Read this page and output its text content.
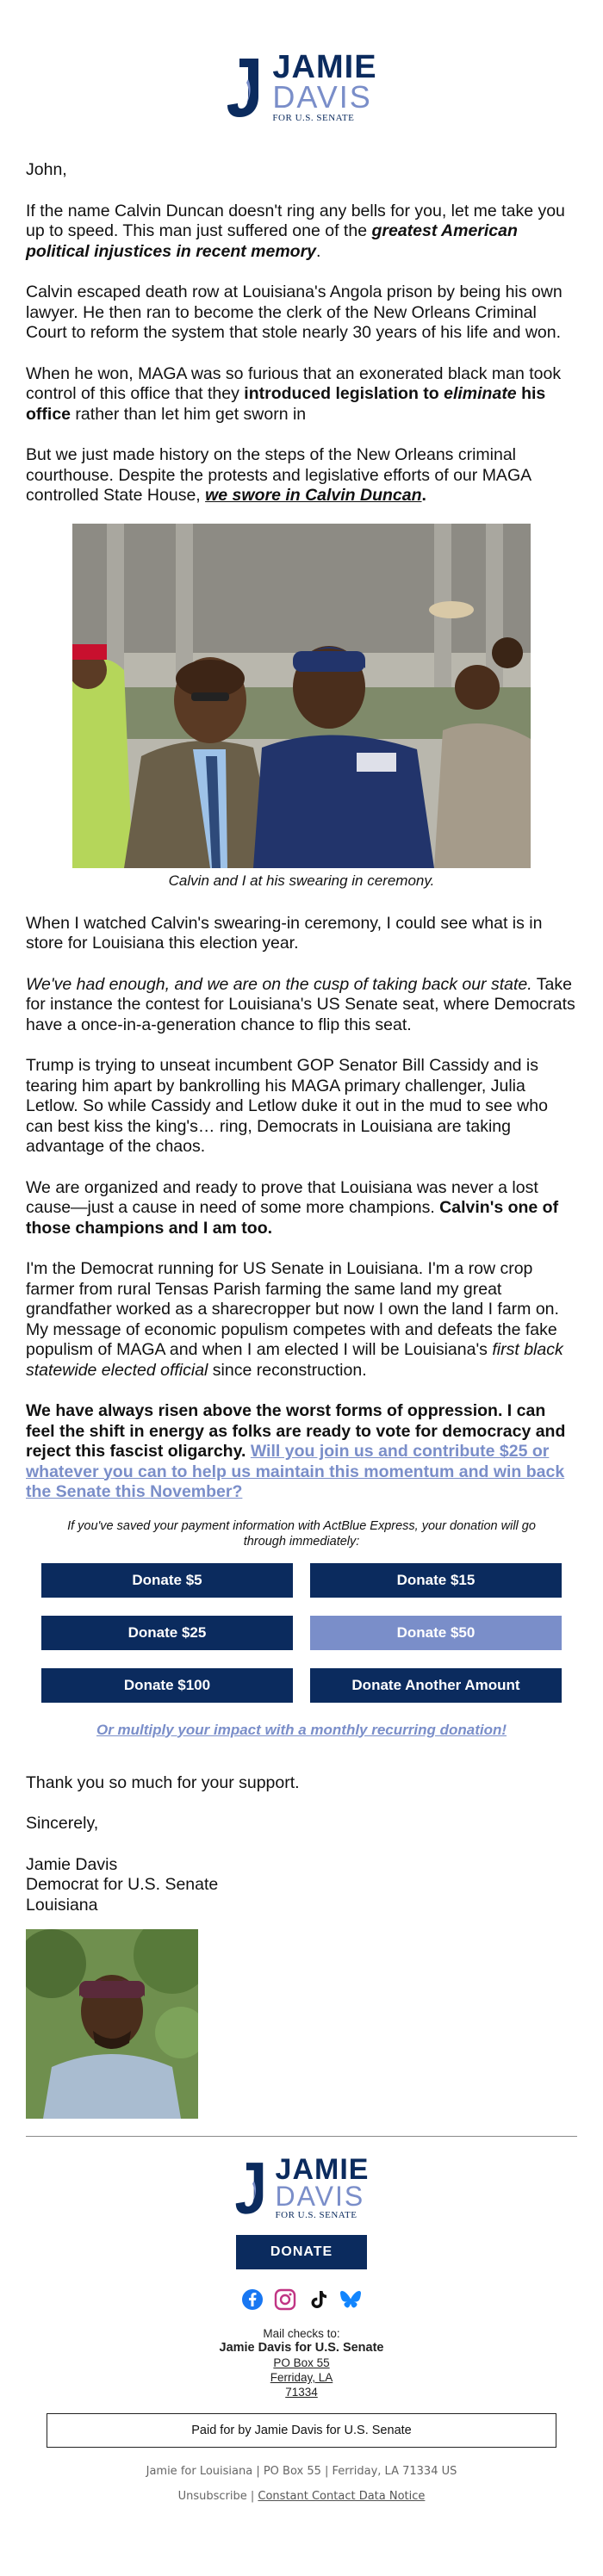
JAMIE
DAVIS
FOR U.S. SENATE

John,

If the name Calvin Duncan doesn't ring any bells for you, let me take you up to speed. This man just suffered one of the greatest American political injustices in recent memory.

Calvin escaped death row at Louisiana's Angola prison by being his own lawyer. He then ran to become the clerk of the New Orleans Criminal Court to reform the system that stole nearly 30 years of his life and won.

When he won, MAGA was so furious that an exonerated black man took control of this office that they introduced legislation to eliminate his office rather than let him get sworn in

But we just made history on the steps of the New Orleans criminal courthouse. Despite the protests and legislative efforts of our MAGA controlled State House, we swore in Calvin Duncan.

Calvin and I at his swearing in ceremony.

When I watched Calvin's swearing-in ceremony, I could see what is in store for Louisiana this election year.

We've had enough, and we are on the cusp of taking back our state. Take for instance the contest for Louisiana's US Senate seat, where Democrats have a once-in-a-generation chance to flip this seat.

Trump is trying to unseat incumbent GOP Senator Bill Cassidy and is tearing him apart by bankrolling his MAGA primary challenger, Julia Letlow. So while Cassidy and Letlow duke it out in the mud to see who can best kiss the king's… ring, Democrats in Louisiana are taking advantage of the chaos.

We are organized and ready to prove that Louisiana was never a lost cause—just a cause in need of some more champions. Calvin's one of those champions and I am too.

I'm the Democrat running for US Senate in Louisiana. I'm a row crop farmer from rural Tensas Parish farming the same land my great grandfather worked as a sharecropper but now I own the land I farm on. My message of economic populism competes with and defeats the fake populism of MAGA and when I am elected I will be Louisiana's first black statewide elected official since reconstruction.

We have always risen above the worst forms of oppression. I can feel the shift in energy as folks are ready to vote for democracy and reject this fascist oligarchy. Will you join us and contribute $25 or whatever you can to help us maintain this momentum and win back the Senate this November?

If you've saved your payment information with ActBlue Express, your donation will go through immediately:

Donate $5	Donate $15
Donate $25	Donate $50
Donate $100	Donate Another Amount
Or multiply your impact with a monthly recurring donation!

Thank you so much for your support.

Sincerely,

Jamie Davis
Democrat for U.S. Senate
Louisiana

JAMIE
DAVIS
FOR U.S. SENATE
DONATE
Mail checks to:
Jamie Davis for U.S. Senate
PO Box 55
Ferriday, LA
71334
Paid for by Jamie Davis for U.S. Senate
Jamie for Louisiana | PO Box 55 | Ferriday, LA 71334 US
Unsubscribe | Constant Contact Data Notice
